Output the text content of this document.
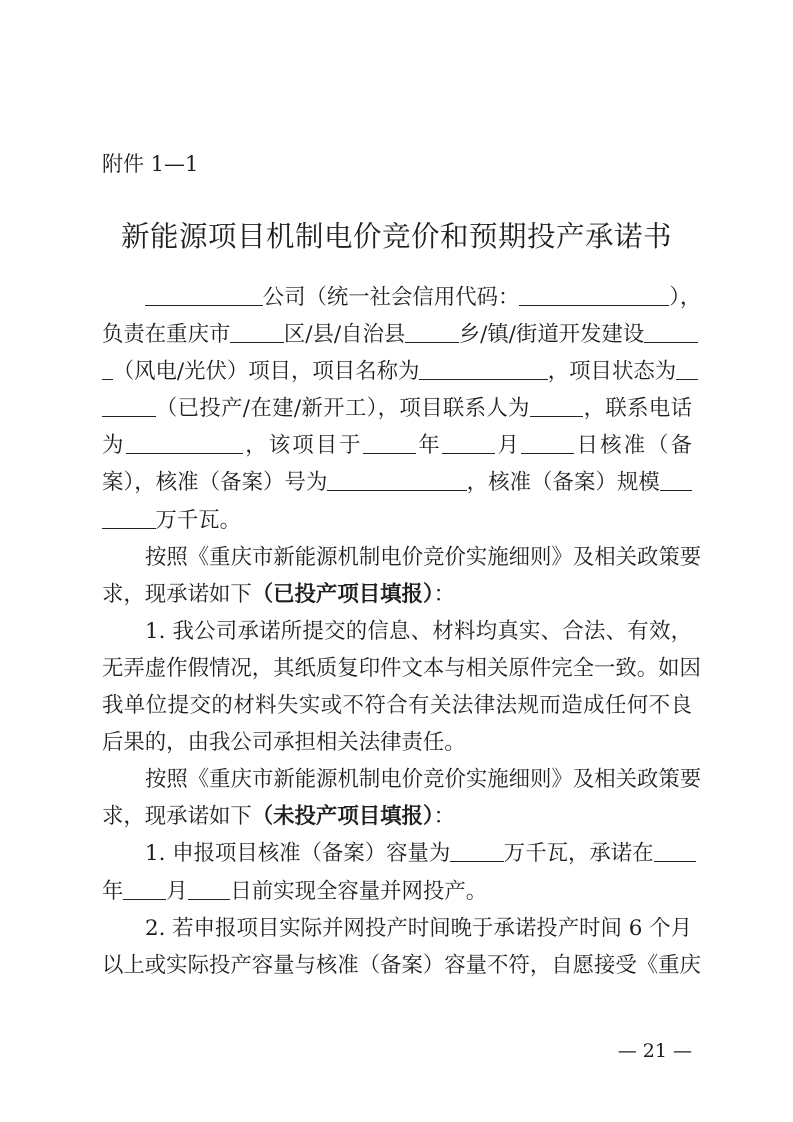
附件 1—1
新能源项目机制电价竞价和预期投产承诺书
公司（统一社会信用代码：	），
负责在重庆市	区/县/自治县	乡/镇/街道开发建设
（风电/光伏）项目，项目名称为	，项目状态为
（已投产/在建/新开工），项目联系人为	，联系电话
为	，该项目于	年	月	日核准（备
案），核准（备案）号为	，核准（备案）规模
万千瓦。
按照《重庆市新能源机制电价竞价实施细则》及相关政策要
求，现承诺如下（已投产项目填报）：
1. 我公司承诺所提交的信息、材料均真实、合法、有效，
无弄虚作假情况，其纸质复印件文本与相关原件完全一致。如因
我单位提交的材料失实或不符合有关法律法规而造成任何不良
后果的，由我公司承担相关法律责任。
按照《重庆市新能源机制电价竞价实施细则》及相关政策要
求，现承诺如下（未投产项目填报）：
1. 申报项目核准（备案）容量为	万千瓦，承诺在
年 月 日前实现全容量并网投产。
2. 若申报项目实际并网投产时间晚于承诺投产时间 6 个月
以上或实际投产容量与核准（备案）容量不符，自愿接受《重庆
— 21 —
